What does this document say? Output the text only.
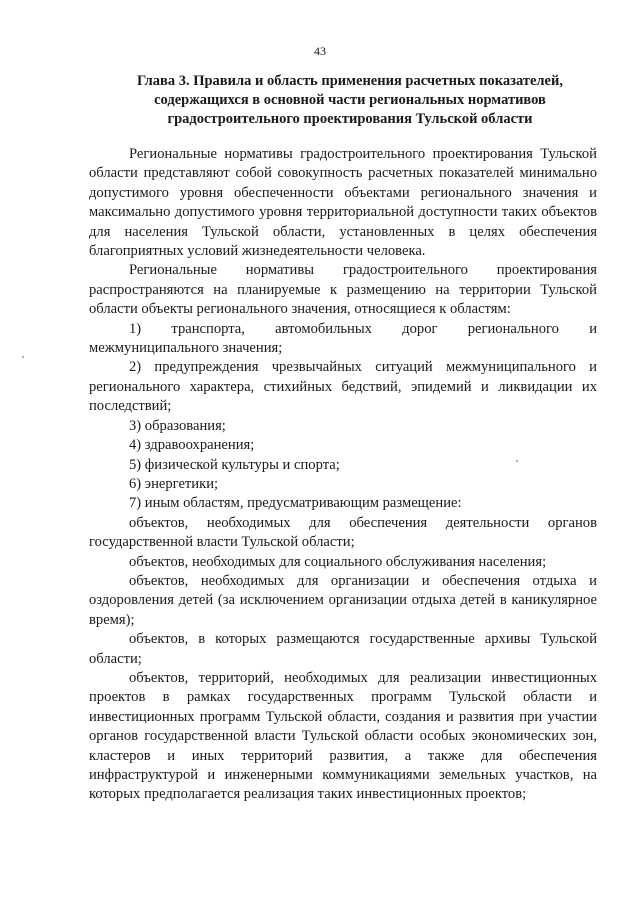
43
Глава 3. Правила и область применения расчетных показателей,
содержащихся в основной части региональных нормативов
градостроительного проектирования Тульской области

Региональные нормативы градостроительного проектирования Тульской области представляют собой совокупность расчетных показателей минимально допустимого уровня обеспеченности объектами регионального значения и максимально допустимого уровня территориальной доступности таких объектов для населения Тульской области, установленных в целях обеспечения благоприятных условий жизнедеятельности человека.

Региональные нормативы градостроительного проектирования распространяются на планируемые к размещению на территории Тульской области объекты регионального значения, относящиеся к областям:

1) транспорта, автомобильных дорог регионального и межмуниципального значения;

2) предупреждения чрезвычайных ситуаций межмуниципального и регионального характера, стихийных бедствий, эпидемий и ликвидации их последствий;

3) образования;

4) здравоохранения;

5) физической культуры и спорта;

6) энергетики;

7) иным областям, предусматривающим размещение:

объектов, необходимых для обеспечения деятельности органов государственной власти Тульской области;

объектов, необходимых для социального обслуживания населения;

объектов, необходимых для организации и обеспечения отдыха и оздоровления детей (за исключением организации отдыха детей в каникулярное время);

объектов, в которых размещаются государственные архивы Тульской области;

объектов, территорий, необходимых для реализации инвестиционных проектов в рамках государственных программ Тульской области и инвестиционных программ Тульской области, создания и развития при участии органов государственной власти Тульской области особых экономических зон, кластеров и иных территорий развития, а также для обеспечения инфраструктурой и инженерными коммуникациями земельных участков, на которых предполагается реализация таких инвестиционных проектов;
